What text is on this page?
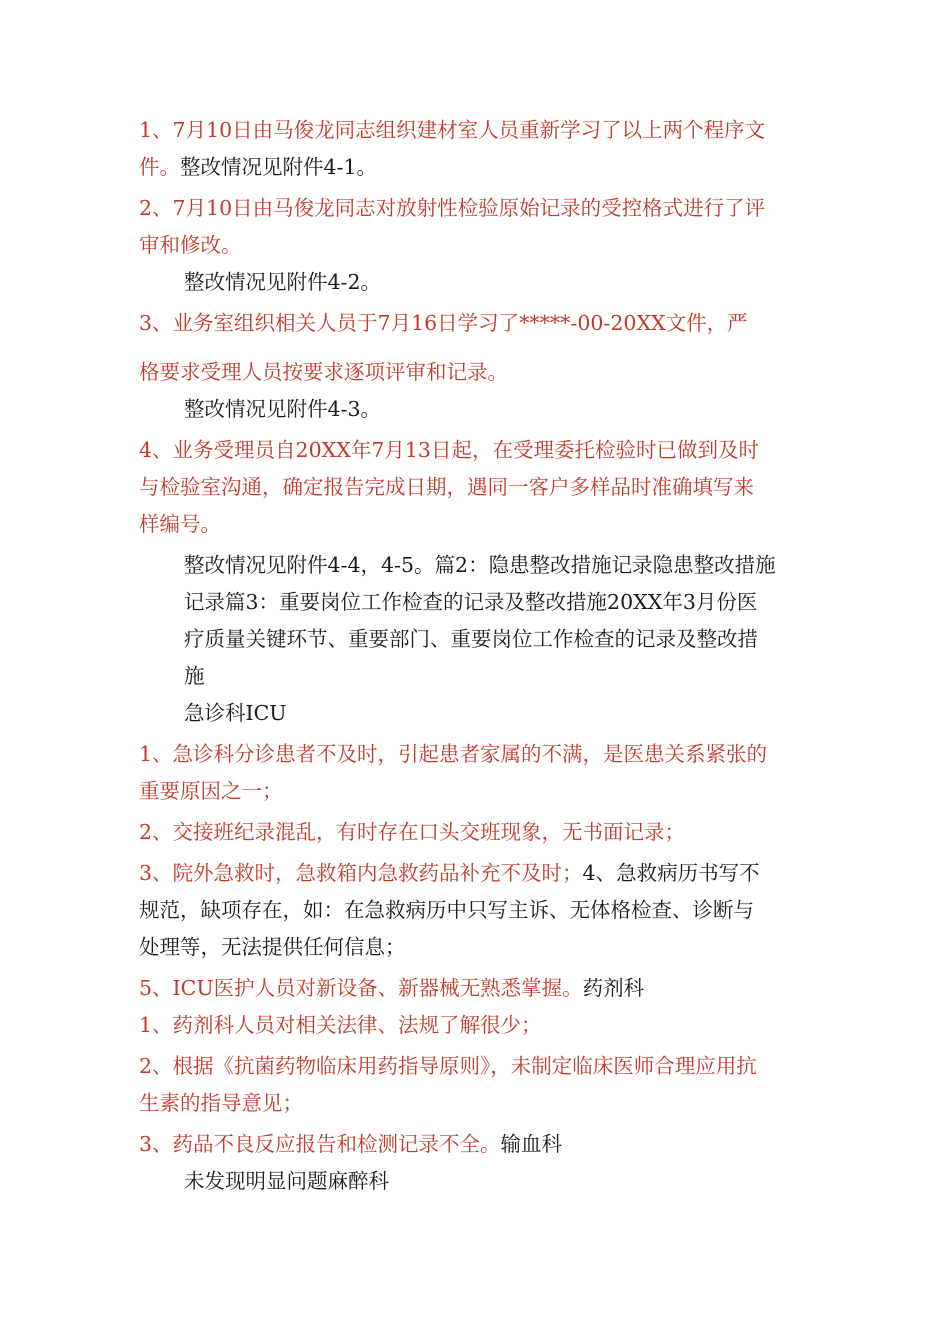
1、7月10日由马俊龙同志组织建材室人员重新学习了以上两个程序文

件。整改情况见附件4-1。

2、7月10日由马俊龙同志对放射性检验原始记录的受控格式进行了评

审和修改。

整改情况见附件4-2。

3、业务室组织相关人员于7月16日学习了*****-00-20XX文件，严

格要求受理人员按要求逐项评审和记录。

整改情况见附件4-3。

4、业务受理员自20XX年7月13日起，在受理委托检验时已做到及时

与检验室沟通，确定报告完成日期，遇同一客户多样品时准确填写来

样编号。

整改情况见附件4-4，4-5。篇2：隐患整改措施记录隐患整改措施

记录篇3：重要岗位工作检查的记录及整改措施20XX年3月份医

疗质量关键环节、重要部门、重要岗位工作检查的记录及整改措

施

急诊科ICU

1、急诊科分诊患者不及时，引起患者家属的不满，是医患关系紧张的

重要原因之一；

2、交接班纪录混乱，有时存在口头交班现象，无书面记录；

3、院外急救时，急救箱内急救药品补充不及时；4、急救病历书写不

规范，缺项存在，如：在急救病历中只写主诉、无体格检查、诊断与

处理等，无法提供任何信息；

5、ICU医护人员对新设备、新器械无熟悉掌握。药剂科

1、药剂科人员对相关法律、法规了解很少；

2、根据《抗菌药物临床用药指导原则》，未制定临床医师合理应用抗

生素的指导意见；

3、药品不良反应报告和检测记录不全。输血科

未发现明显问题麻醉科
